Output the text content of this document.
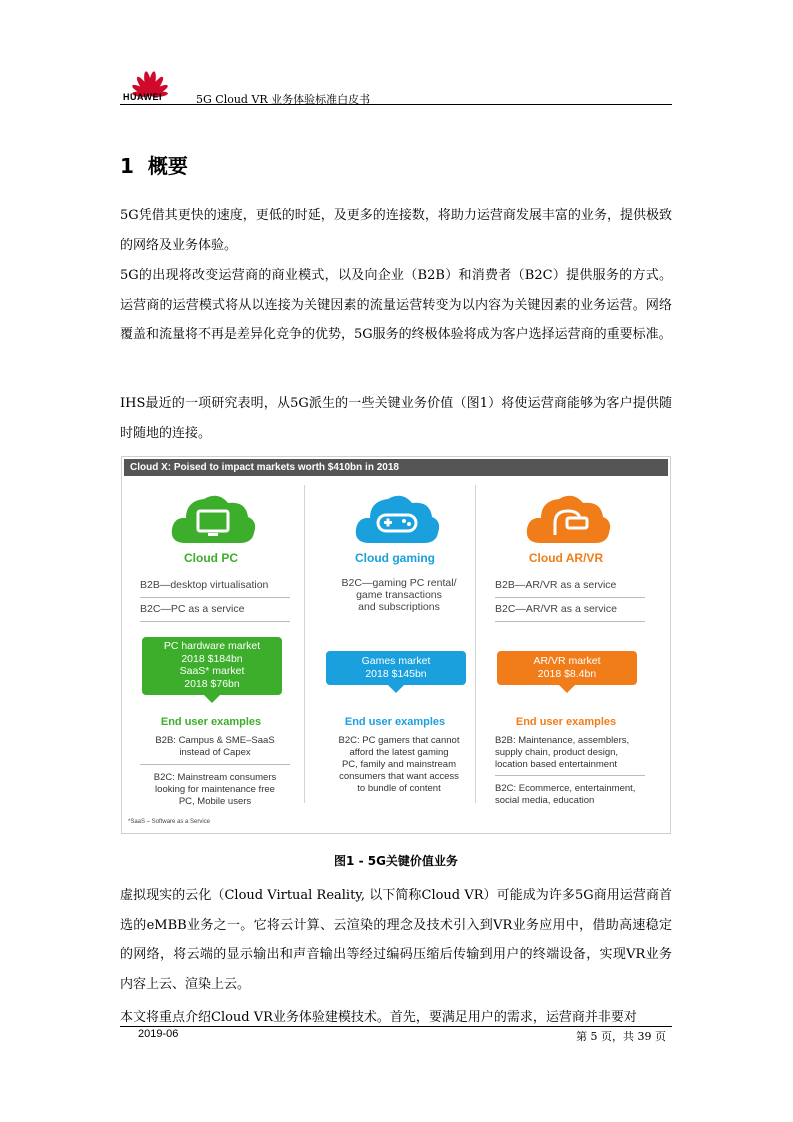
HUAWEI	5G Cloud VR 业务体验标准白皮书
1 概要
5G凭借其更快的速度，更低的时延，及更多的连接数，将助力运营商发展丰富的业务，提供极致的网络及业务体验。
5G的出现将改变运营商的商业模式，以及向企业（B2B）和消费者（B2C）提供服务的方式。运营商的运营模式将从以连接为关键因素的流量运营转变为以内容为关键因素的业务运营。网络覆盖和流量将不再是差异化竞争的优势，5G服务的终极体验将成为客户选择运营商的重要标准。
IHS最近的一项研究表明，从5G派生的一些关键业务价值（图1）将使运营商能够为客户提供随时随地的连接。
Cloud X: Poised to impact markets worth $410bn in 2018
Cloud PC
B2B—desktop virtualisation
B2C—PC as a service
PC hardware market
2018 $184bn
SaaS* market
2018 $76bn
End user examples
B2B: Campus & SME–SaaS
instead of Capex
B2C: Mainstream consumers
looking for maintenance free
PC, Mobile users
Cloud gaming
B2C—gaming PC rental/
game transactions
and subscriptions
Games market
2018 $145bn
End user examples
B2C: PC gamers that cannot
afford the latest gaming
PC, family and mainstream
consumers that want access
to bundle of content
Cloud AR/VR
B2B—AR/VR as a service
B2C—AR/VR as a service
AR/VR market
2018 $8.4bn
End user examples
B2B: Maintenance, assemblers,
supply chain, product design,
location based entertainment
B2C: Ecommerce, entertainment,
social media, education
*SaaS – Software as a Service
图1 - 5G关键价值业务
虚拟现实的云化（Cloud Virtual Reality, 以下简称Cloud VR）可能成为许多5G商用运营商首选的eMBB业务之一。它将云计算、云渲染的理念及技术引入到VR业务应用中，借助高速稳定的网络，将云端的显示输出和声音输出等经过编码压缩后传输到用户的终端设备，实现VR业务内容上云、渲染上云。
本文将重点介绍Cloud VR业务体验建模技术。首先，要满足用户的需求，运营商并非要对
2019-06	第 5 页，共 39 页
